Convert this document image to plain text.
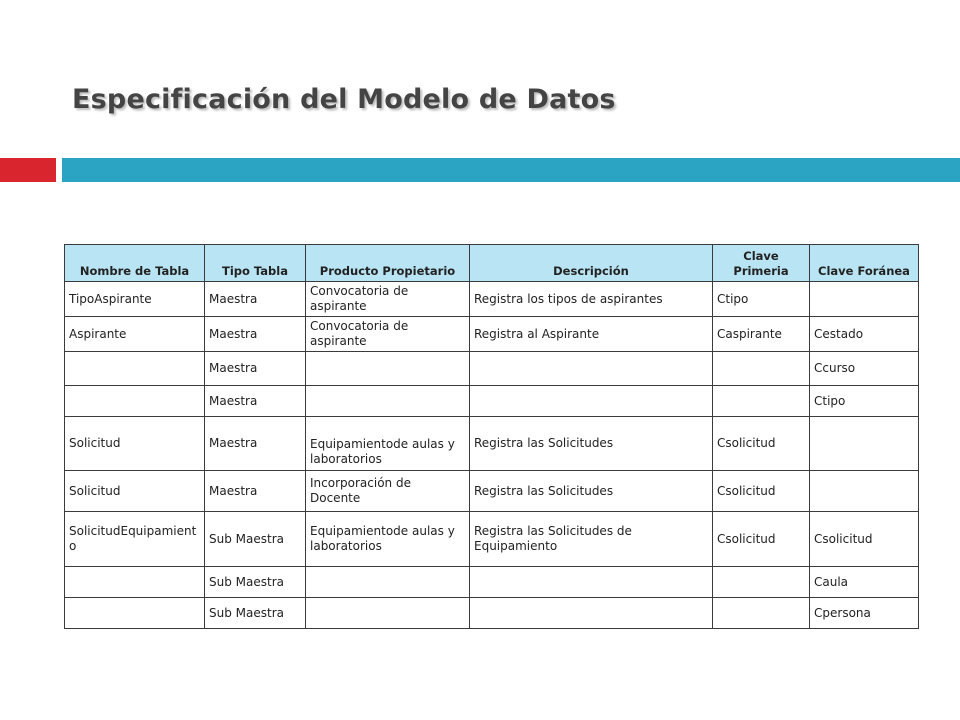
Especificación del Modelo de Datos
Nombre de Tabla	Tipo Tabla	Producto Propietario	Descripción	Clave Primeria	Clave Foránea
TipoAspirante	Maestra	Convocatoria de aspirante	Registra los tipos de aspirantes	Ctipo	
Aspirante	Maestra	Convocatoria de aspirante	Registra al Aspirante	Caspirante	Cestado
	Maestra				Ccurso
	Maestra				Ctipo
Solicitud	Maestra	Equipamientode aulas y laboratorios	Registra las Solicitudes	Csolicitud	
Solicitud	Maestra	Incorporación de Docente	Registra las Solicitudes	Csolicitud	
SolicitudEquipamiento	Sub Maestra	Equipamientode aulas y laboratorios	Registra las Solicitudes de Equipamiento	Csolicitud	Csolicitud
	Sub Maestra				Caula
	Sub Maestra				Cpersona
